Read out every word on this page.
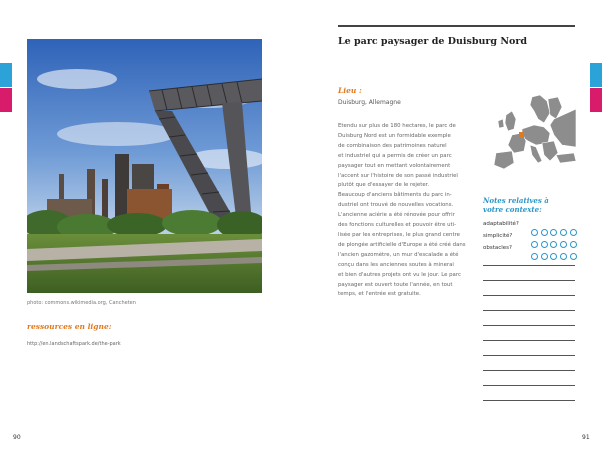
photo: commons.wikimedia.org, Cancheten
ressources en ligne:
http://en.landschaftspark.de/the-park
90
Le parc paysager de Duisburg Nord
Lieu :
Duisburg, Allemagne
Etendu sur plus de 180 hectares, le parc de
Duisburg Nord est un formidable exemple
de combinaison des patrimoines naturel
et industriel qui a permis de créer un parc
paysager tout en mettant volontairement
l'accent sur l'histoire de son passé industriel
plutôt que d'essayer de le rejeter.
Beaucoup d'anciens bâtiments du parc in-
dustriel ont trouvé de nouvelles vocations.
L'ancienne aciérie a été rénovée pour offrir
des fonctions culturelles et pouvoir être uti-
lisée par les entreprises, le plus grand centre
de plongée artificielle d'Europe a été créé dans
l'ancien gazomètre, un mur d'escalade a été
conçu dans les anciennes soutes à minerai
et bien d'autres projets ont vu le jour. Le parc
paysager est ouvert toute l'année, en tout
temps, et l'entrée est gratuite.
Notes relatives à
votre contexte:
adaptabilité?
simplicité?
obstacles?
91
